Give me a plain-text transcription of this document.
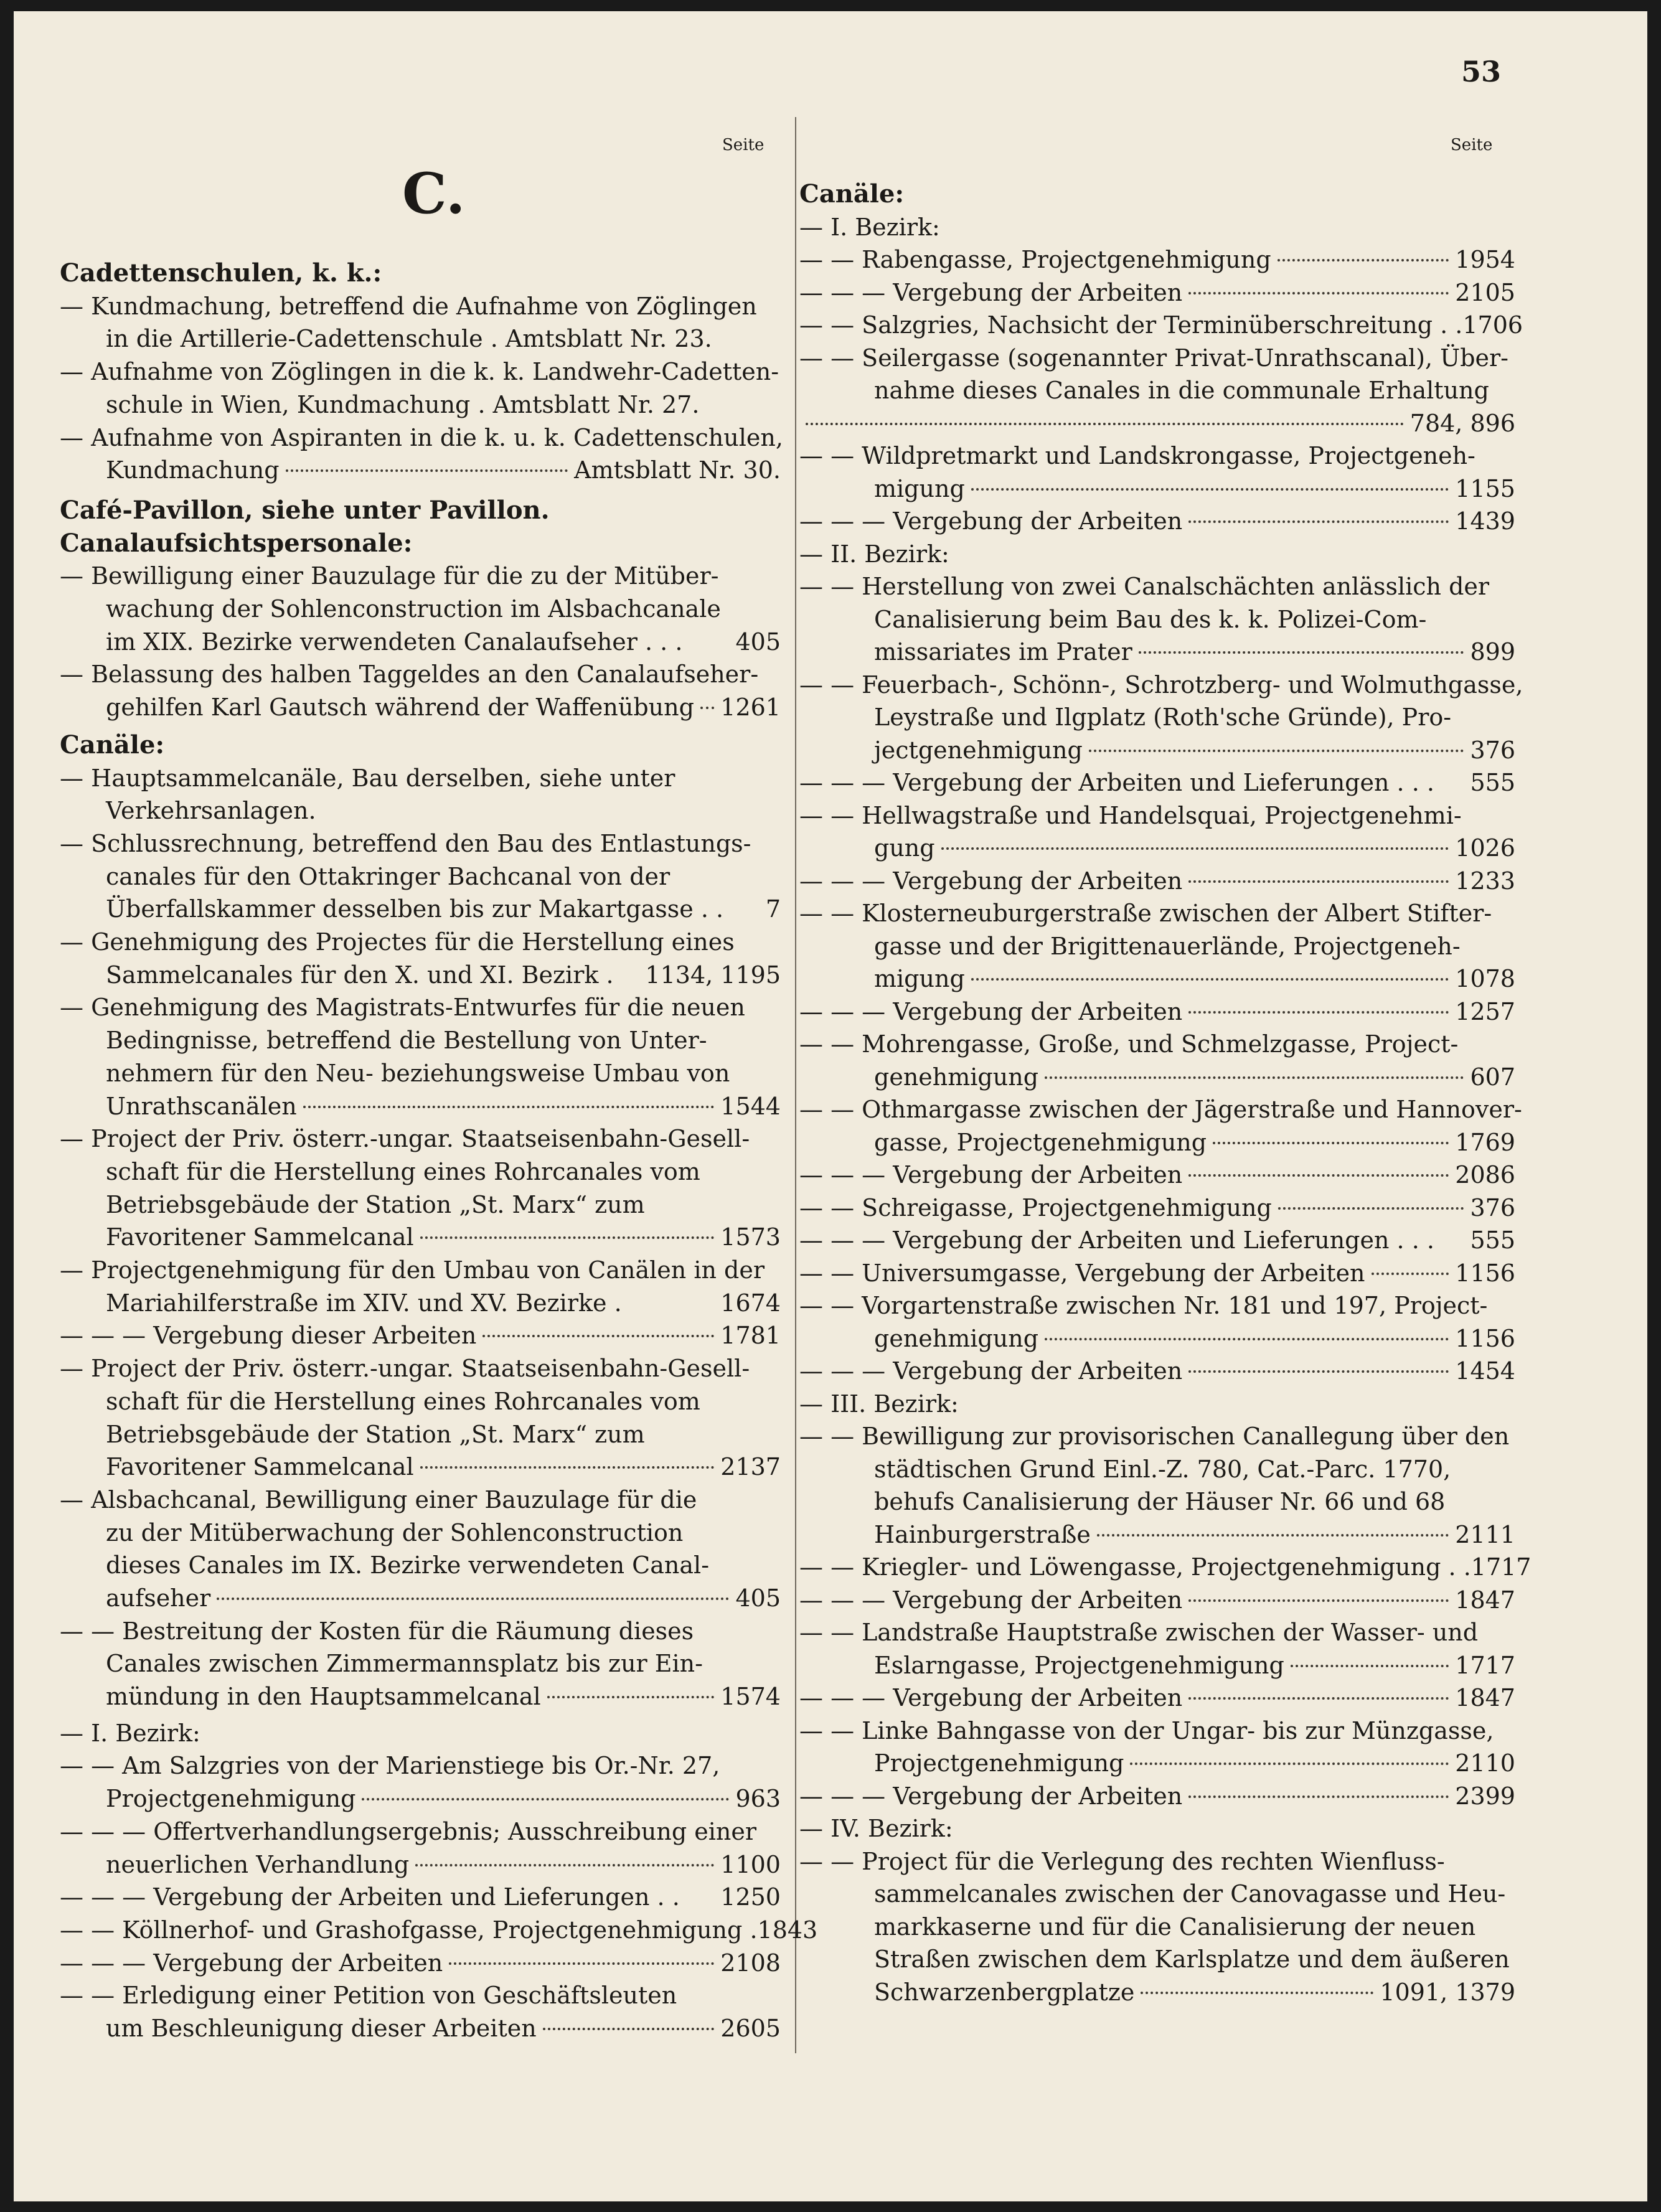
53
Seite	Seite
C.
Cadettenschulen, k. k.:
— Kundmachung, betreffend die Aufnahme von Zöglingen
in die Artillerie-Cadettenschule . Amtsblatt Nr. 23.
— Aufnahme von Zöglingen in die k. k. Landwehr-Cadetten-
schule in Wien, Kundmachung . Amtsblatt Nr. 27.
— Aufnahme von Aspiranten in die k. u. k. Cadettenschulen,
Kundmachung	Amtsblatt Nr. 30.
Café-Pavillon, siehe unter Pavillon.
Canalaufsichtspersonale:
— Bewilligung einer Bauzulage für die zu der Mitüber-
wachung der Sohlenconstruction im Alsbachcanale
im XIX. Bezirke verwendeten Canalaufseher . . . 405
— Belassung des halben Taggeldes an den Canalaufseher-
gehilfen Karl Gautsch während der Waffenübung 1261
Canäle:
— Hauptsammelcanäle, Bau derselben, siehe unter
Verkehrsanlagen.
— Schlussrechnung, betreffend den Bau des Entlastungs-
canales für den Ottakringer Bachcanal von der
Überfallskammer desselben bis zur Makartgasse . . 7
— Genehmigung des Projectes für die Herstellung eines
Sammelcanales für den X. und XI. Bezirk . 1134, 1195
— Genehmigung des Magistrats-Entwurfes für die neuen
Bedingnisse, betreffend die Bestellung von Unter-
nehmern für den Neu- beziehungsweise Umbau von
Unrathscanälen	1544
— Project der Priv. österr.-ungar. Staatseisenbahn-Gesell-
schaft für die Herstellung eines Rohrcanales vom
Betriebsgebäude der Station „St. Marx“ zum
Favoritener Sammelcanal	1573
— Projectgenehmigung für den Umbau von Canälen in der
Mariahilferstraße im XIV. und XV. Bezirke .	1674
— — — Vergebung dieser Arbeiten	1781
— Project der Priv. österr.-ungar. Staatseisenbahn-Gesell-
schaft für die Herstellung eines Rohrcanales vom
Betriebsgebäude der Station „St. Marx“ zum
Favoritener Sammelcanal	2137
— Alsbachcanal, Bewilligung einer Bauzulage für die
zu der Mitüberwachung der Sohlenconstruction
dieses Canales im IX. Bezirke verwendeten Canal-
aufseher	405
— — Bestreitung der Kosten für die Räumung dieses
Canales zwischen Zimmermannsplatz bis zur Ein-
mündung in den Hauptsammelcanal	1574
— I. Bezirk:
— — Am Salzgries von der Marienstiege bis Or.-Nr. 27,
Projectgenehmigung	963
— — — Offertverhandlungsergebnis; Ausschreibung einer
neuerlichen Verhandlung	1100
— — — Vergebung der Arbeiten und Lieferungen . . 1250
— — Köllnerhof- und Grashofgasse, Projectgenehmigung . 1843
— — — Vergebung der Arbeiten	2108
— — Erledigung einer Petition von Geschäftsleuten
um Beschleunigung dieser Arbeiten	2605
Canäle:
— I. Bezirk:
— — Rabengasse, Projectgenehmigung	1954
— — — Vergebung der Arbeiten	2105
— — Salzgries, Nachsicht der Terminüberschreitung . . 1706
— — Seilergasse (sogenannter Privat-Unrathscanal), Über-
nahme dieses Canales in die communale Erhaltung
784, 896
— — Wildpretmarkt und Landskrongasse, Projectgeneh-
migung	1155
— — — Vergebung der Arbeiten	1439
— II. Bezirk:
— — Herstellung von zwei Canalschächten anlässlich der
Canalisierung beim Bau des k. k. Polizei-Com-
missariates im Prater	899
— — Feuerbach-, Schönn-, Schrotzberg- und Wolmuthgasse,
Leystraße und Ilgplatz (Roth'sche Gründe), Pro-
jectgenehmigung	376
— — — Vergebung der Arbeiten und Lieferungen . . . 555
— — Hellwagstraße und Handelsquai, Projectgenehmi-
gung	1026
— — — Vergebung der Arbeiten	1233
— — Klosterneuburgerstraße zwischen der Albert Stifter-
gasse und der Brigittenauerlände, Projectgeneh-
migung	1078
— — — Vergebung der Arbeiten	1257
— — Mohrengasse, Große, und Schmelzgasse, Project-
genehmigung	607
— — Othmargasse zwischen der Jägerstraße und Hannover-
gasse, Projectgenehmigung	1769
— — — Vergebung der Arbeiten	2086
— — Schreigasse, Projectgenehmigung	376
— — — Vergebung der Arbeiten und Lieferungen . . . 555
— — Universumgasse, Vergebung der Arbeiten	1156
— — Vorgartenstraße zwischen Nr. 181 und 197, Project-
genehmigung	1156
— — — Vergebung der Arbeiten	1454
— III. Bezirk:
— — Bewilligung zur provisorischen Canallegung über den
städtischen Grund Einl.-Z. 780, Cat.-Parc. 1770,
behufs Canalisierung der Häuser Nr. 66 und 68
Hainburgerstraße	2111
— — Kriegler- und Löwengasse, Projectgenehmigung . . 1717
— — — Vergebung der Arbeiten	1847
— — Landstraße Hauptstraße zwischen der Wasser- und
Eslarngasse, Projectgenehmigung	1717
— — — Vergebung der Arbeiten	1847
— — Linke Bahngasse von der Ungar- bis zur Münzgasse,
Projectgenehmigung	2110
— — — Vergebung der Arbeiten	2399
— IV. Bezirk:
— — Project für die Verlegung des rechten Wienfluss-
sammelcanales zwischen der Canovagasse und Heu-
markkaserne und für die Canalisierung der neuen
Straßen zwischen dem Karlsplatze und dem äußeren
Schwarzenbergplatze	1091, 1379
